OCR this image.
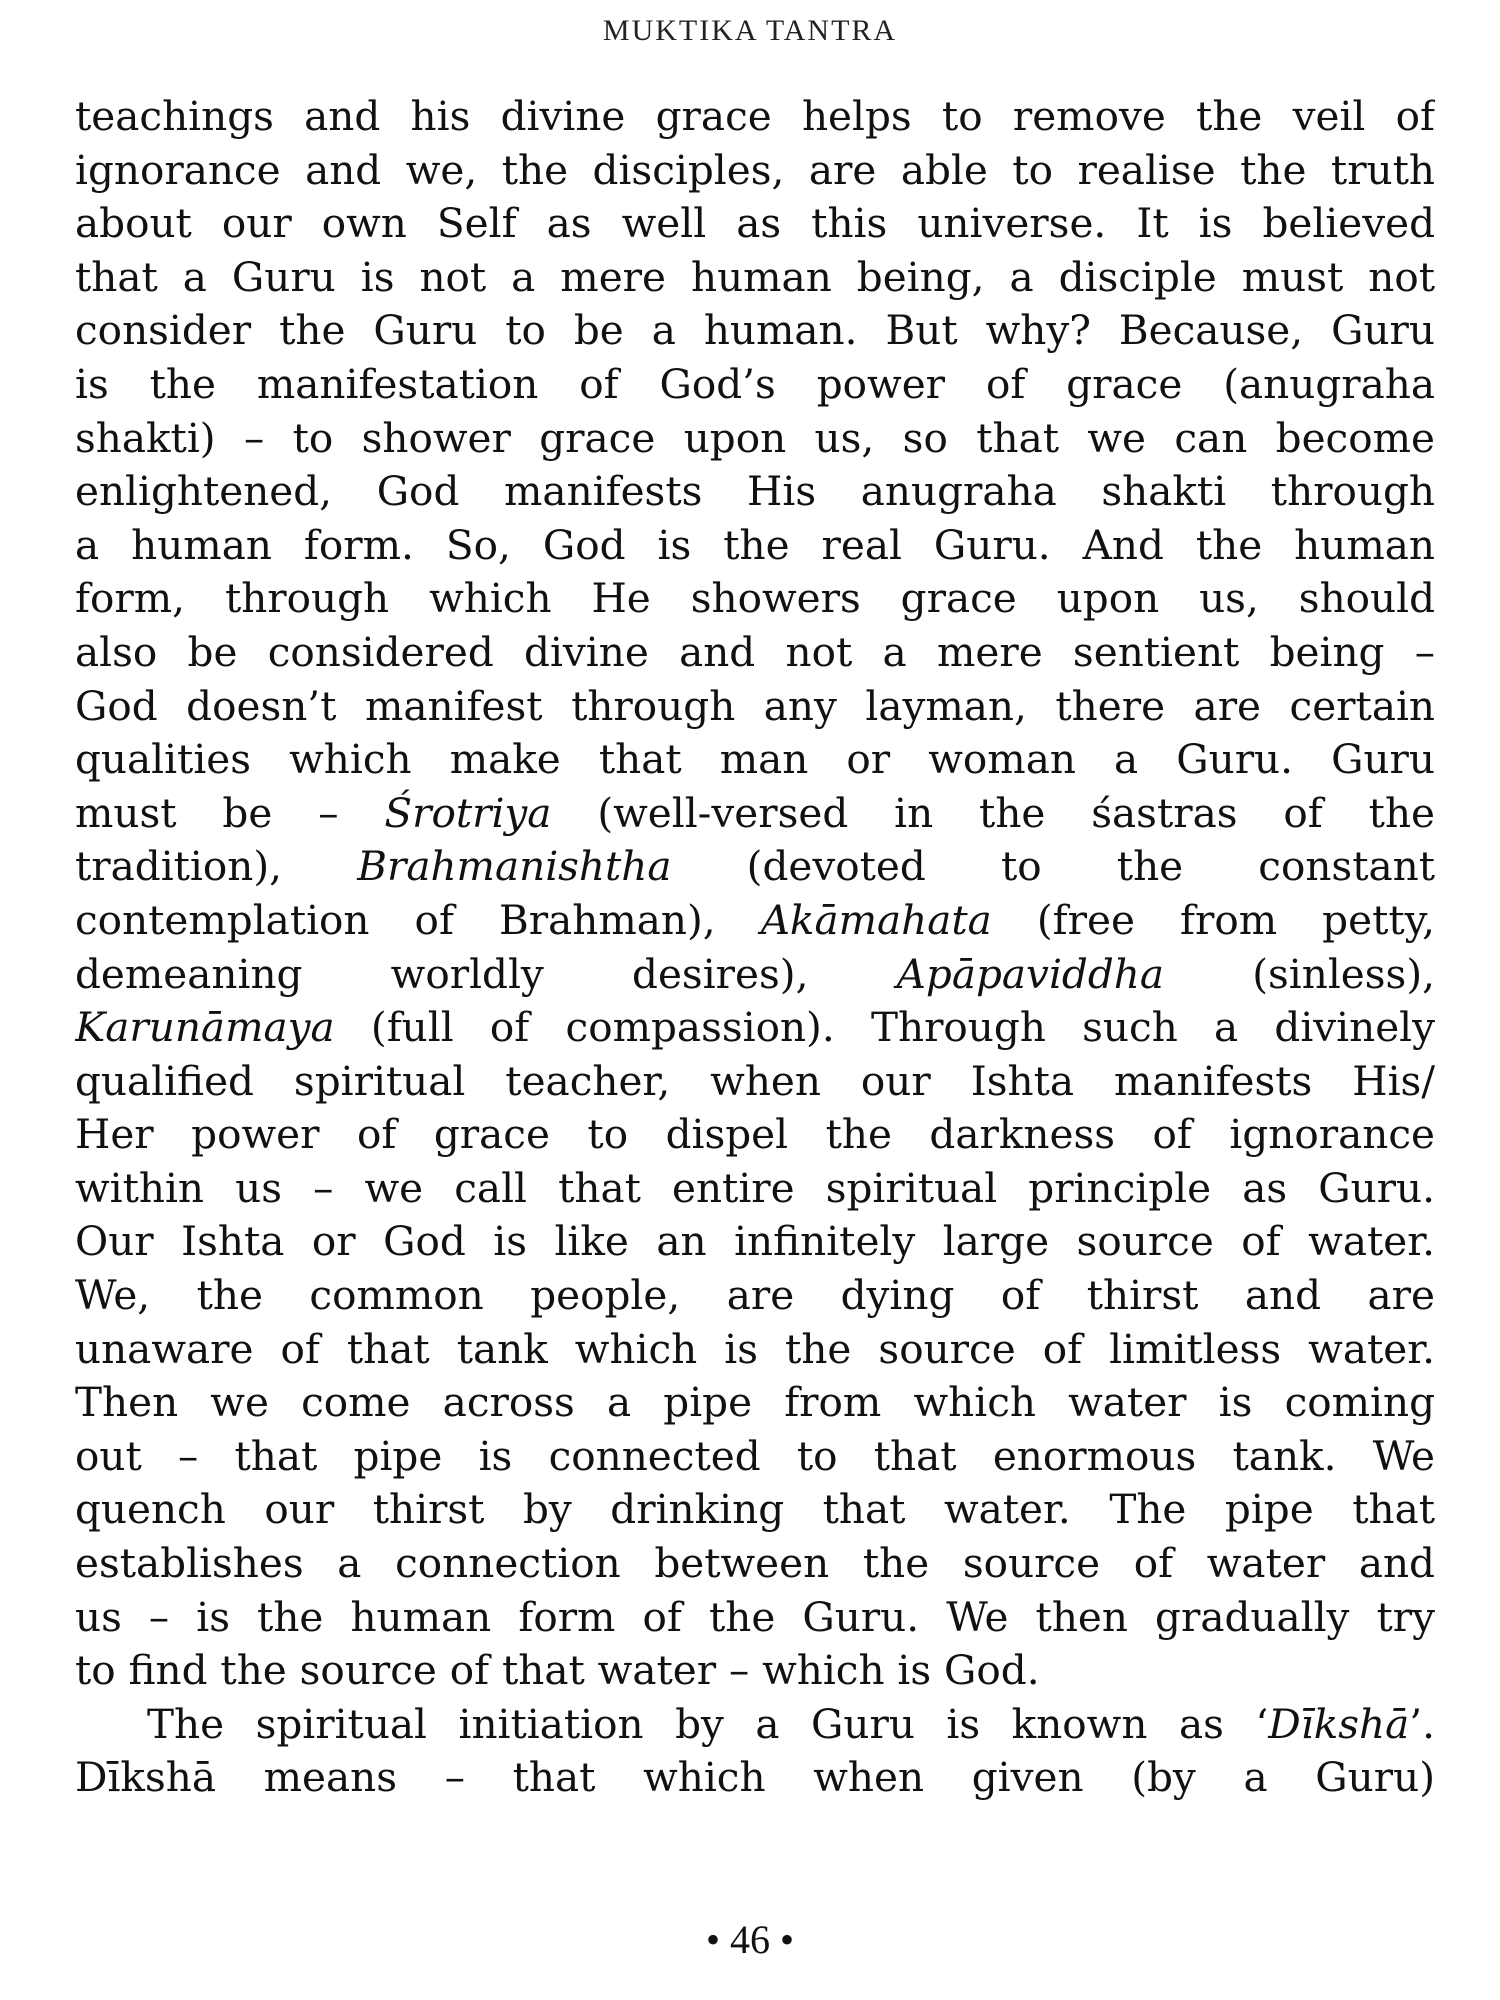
MUKTIKA TANTRA
teachings and his divine grace helps to remove the veil of
ignorance and we, the disciples, are able to realise the truth
about our own Self as well as this universe. It is believed
that a Guru is not a mere human being, a disciple must not
consider the Guru to be a human. But why? Because, Guru
is the manifestation of God’s power of grace (anugraha
shakti) – to shower grace upon us, so that we can become
enlightened, God manifests His anugraha shakti through
a human form. So, God is the real Guru. And the human
form, through which He showers grace upon us, should
also be considered divine and not a mere sentient being –
God doesn’t manifest through any layman, there are certain
qualities which make that man or woman a Guru. Guru
must be – Śrotriya (well-versed in the śastras of the
tradition), Brahmanishtha (devoted to the constant
contemplation of Brahman), Akāmahata (free from petty,
demeaning worldly desires), Apāpaviddha (sinless),
Karunāmaya (full of compassion). Through such a divinely
qualified spiritual teacher, when our Ishta manifests His/
Her power of grace to dispel the darkness of ignorance
within us – we call that entire spiritual principle as Guru.
Our Ishta or God is like an infinitely large source of water.
We, the common people, are dying of thirst and are
unaware of that tank which is the source of limitless water.
Then we come across a pipe from which water is coming
out – that pipe is connected to that enormous tank. We
quench our thirst by drinking that water. The pipe that
establishes a connection between the source of water and
us – is the human form of the Guru. We then gradually try
to find the source of that water – which is God.
The spiritual initiation by a Guru is known as ‘Dīkshā’.
Dīkshā means – that which when given (by a Guru)
• 46 •
